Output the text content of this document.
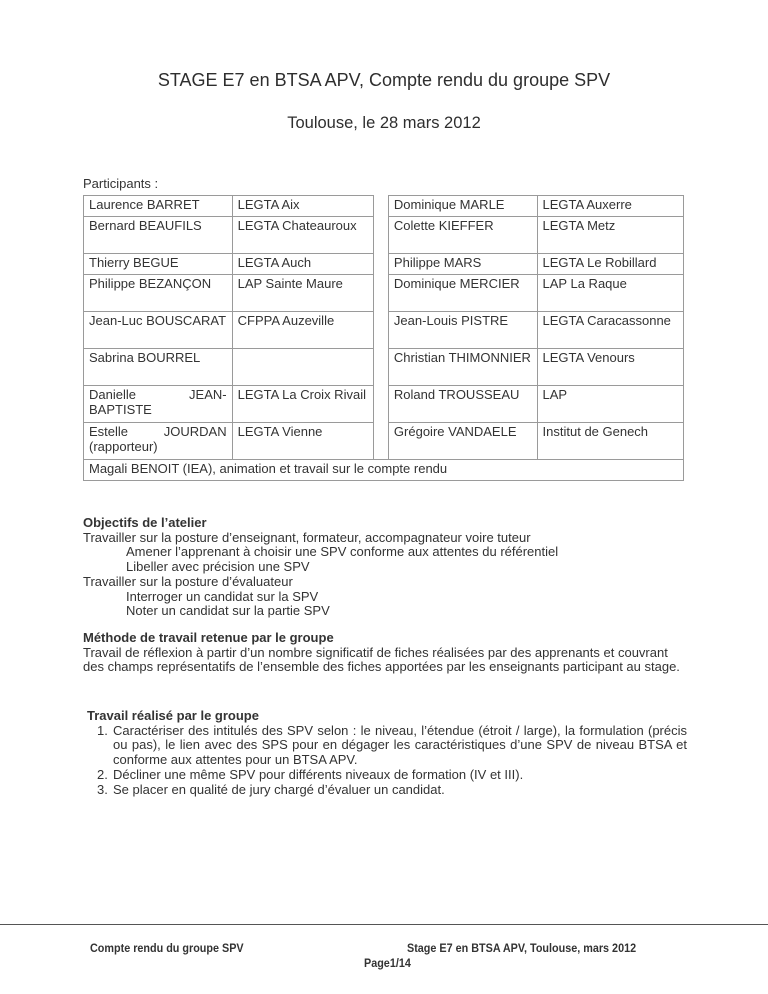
STAGE E7 en BTSA APV, Compte rendu du groupe SPV
Toulouse, le 28 mars 2012
Participants :
Laurence BARRET	LEGTA Aix		Dominique MARLE	LEGTA Auxerre
Bernard BEAUFILS	LEGTA Chateauroux		Colette KIEFFER	LEGTA Metz
Thierry BEGUE	LEGTA Auch		Philippe MARS	LEGTA Le Robillard
Philippe BEZANÇON	LAP Sainte Maure		Dominique MERCIER	LAP La Raque
Jean-Luc BOUSCARAT	CFPPA Auzeville		Jean-Louis PISTRE	LEGTA Caracassonne
Sabrina BOURREL			Christian THIMONNIER	LEGTA Venours
Danielle JEAN-BAPTISTE	LEGTA La Croix Rivail		Roland TROUSSEAU	LAP
Estelle JOURDAN (rapporteur)	LEGTA Vienne		Grégoire VANDAELE	Institut de Genech
Magali BENOIT (IEA), animation et travail sur le compte rendu				
Objectifs de l’atelier

Travailler sur la posture d’enseignant, formateur, accompagnateur voire tuteur

Amener l’apprenant à choisir une SPV conforme aux attentes du référentiel

Libeller avec précision une SPV

Travailler sur la posture d’évaluateur

Interroger un candidat sur la SPV

Noter un candidat sur la partie SPV

Méthode de travail retenue par le groupe

Travail de réflexion à partir d’un nombre significatif de fiches réalisées par des apprenants et couvrant des champs représentatifs de l’ensemble des fiches apportées par les enseignants participant au stage.

Travail réalisé par le groupe
1. Caractériser des intitulés des SPV selon : le niveau, l’étendue (étroit / large), la formulation (précis ou pas), le lien avec des SPS pour en dégager les caractéristiques d’une SPV de niveau BTSA et conforme aux attentes pour un BTSA APV.
2. Décliner une même SPV pour différents niveaux de formation (IV et III).
3. Se placer en qualité de jury chargé d’évaluer un candidat.
Compte rendu du groupe SPV	Stage E7 en BTSA APV, Toulouse, mars 2012
Page1/14
